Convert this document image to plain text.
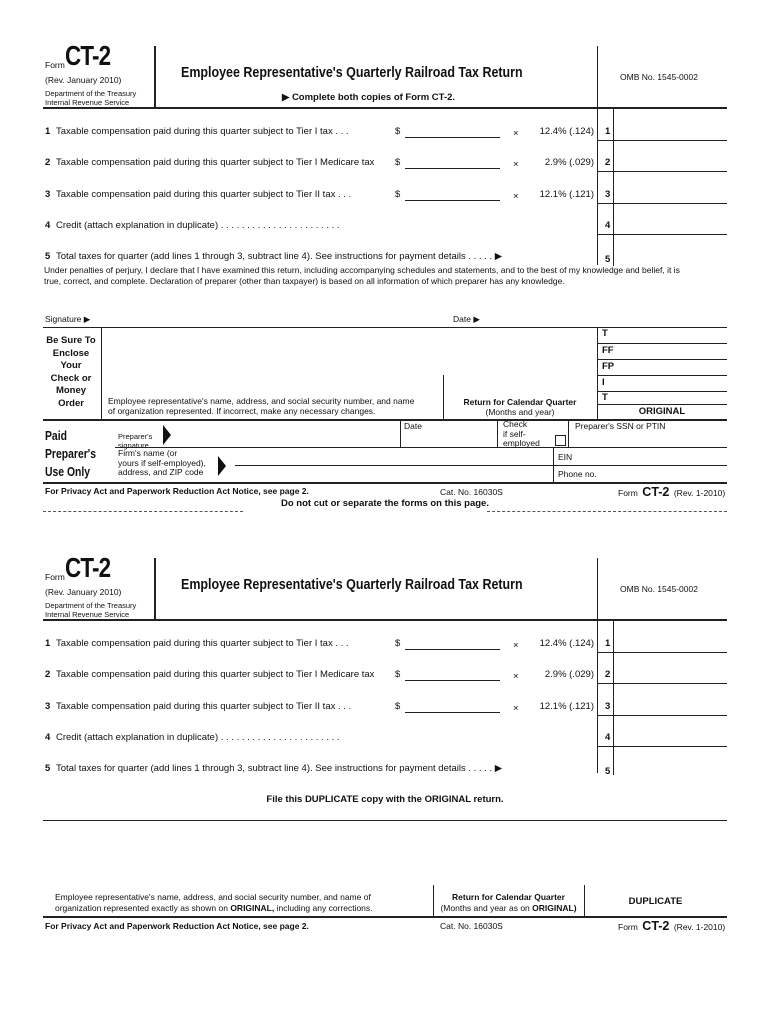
Form CT-2
(Rev. January 2010)
Department of the Treasury
Internal Revenue Service
Employee Representative's Quarterly Railroad Tax Return
▶ Complete both copies of Form CT-2.
OMB No. 1545-0002
1 Taxable compensation paid during this quarter subject to Tier I tax . . .	$	×	12.4% (.124) 1
2 Taxable compensation paid during this quarter subject to Tier I Medicare tax $	×	2.9% (.029) 2
3 Taxable compensation paid during this quarter subject to Tier II tax . . .	$	×	12.1% (.121) 3
4 Credit (attach explanation in duplicate) . . . . . . . . . . . . . . . . . . . . . . .	4
5 Total taxes for quarter (add lines 1 through 3, subtract line 4). See instructions for payment details . . . . . ▶	5
Form CT-2
(Rev. January 2010)
Department of the Treasury
Internal Revenue Service
Employee Representative's Quarterly Railroad Tax Return	OMB No. 1545-0002
1 Taxable compensation paid during this quarter subject to Tier I tax . . .	$	×	12.4% (.124) 1
2 Taxable compensation paid during this quarter subject to Tier I Medicare tax $	×	2.9% (.029) 2
3 Taxable compensation paid during this quarter subject to Tier II tax . . .	$	×	12.1% (.121) 3
4 Credit (attach explanation in duplicate) . . . . . . . . . . . . . . . . . . . . . . .	4
5 Total taxes for quarter (add lines 1 through 3, subtract line 4). See instructions for payment details . . . . . ▶	5
Under penalties of perjury, I declare that I have examined this return, including accompanying schedules and statements, and to the best of my knowledge and belief, it is
true, correct, and complete. Declaration of preparer (other than taxpayer) is based on all information of which preparer has any knowledge.
Signature ▶	Date ▶
Be Sure To
Enclose
Your
Check or
Money
Order	Employee representative's name, address, and social security number, and name
of organization represented. If incorrect, make any necessary changes.
Return for Calendar Quarter
(Months and year)
T
FF
FP
I
T
ORIGINAL
Paid
Preparer's
Use Only
Preparer's
signature
Date	Check
if self-
employed
Preparer's SSN or PTIN
Firm's name (or
yours if self-employed),
address, and ZIP code
EIN
Phone no.
For Privacy Act and Paperwork Reduction Act Notice, see page 2.	Cat. No. 16030S	Form CT-2 (Rev. 1-2010)
Do not cut or separate the forms on this page.
File this DUPLICATE copy with the ORIGINAL return.
Employee representative's name, address, and social security number, and name of
organization represented exactly as shown on ORIGINAL, including any corrections.
Return for Calendar Quarter
(Months and year as on ORIGINAL)
DUPLICATE
For Privacy Act and Paperwork Reduction Act Notice, see page 2.	Cat. No. 16030S	Form CT-2 (Rev. 1-2010)
